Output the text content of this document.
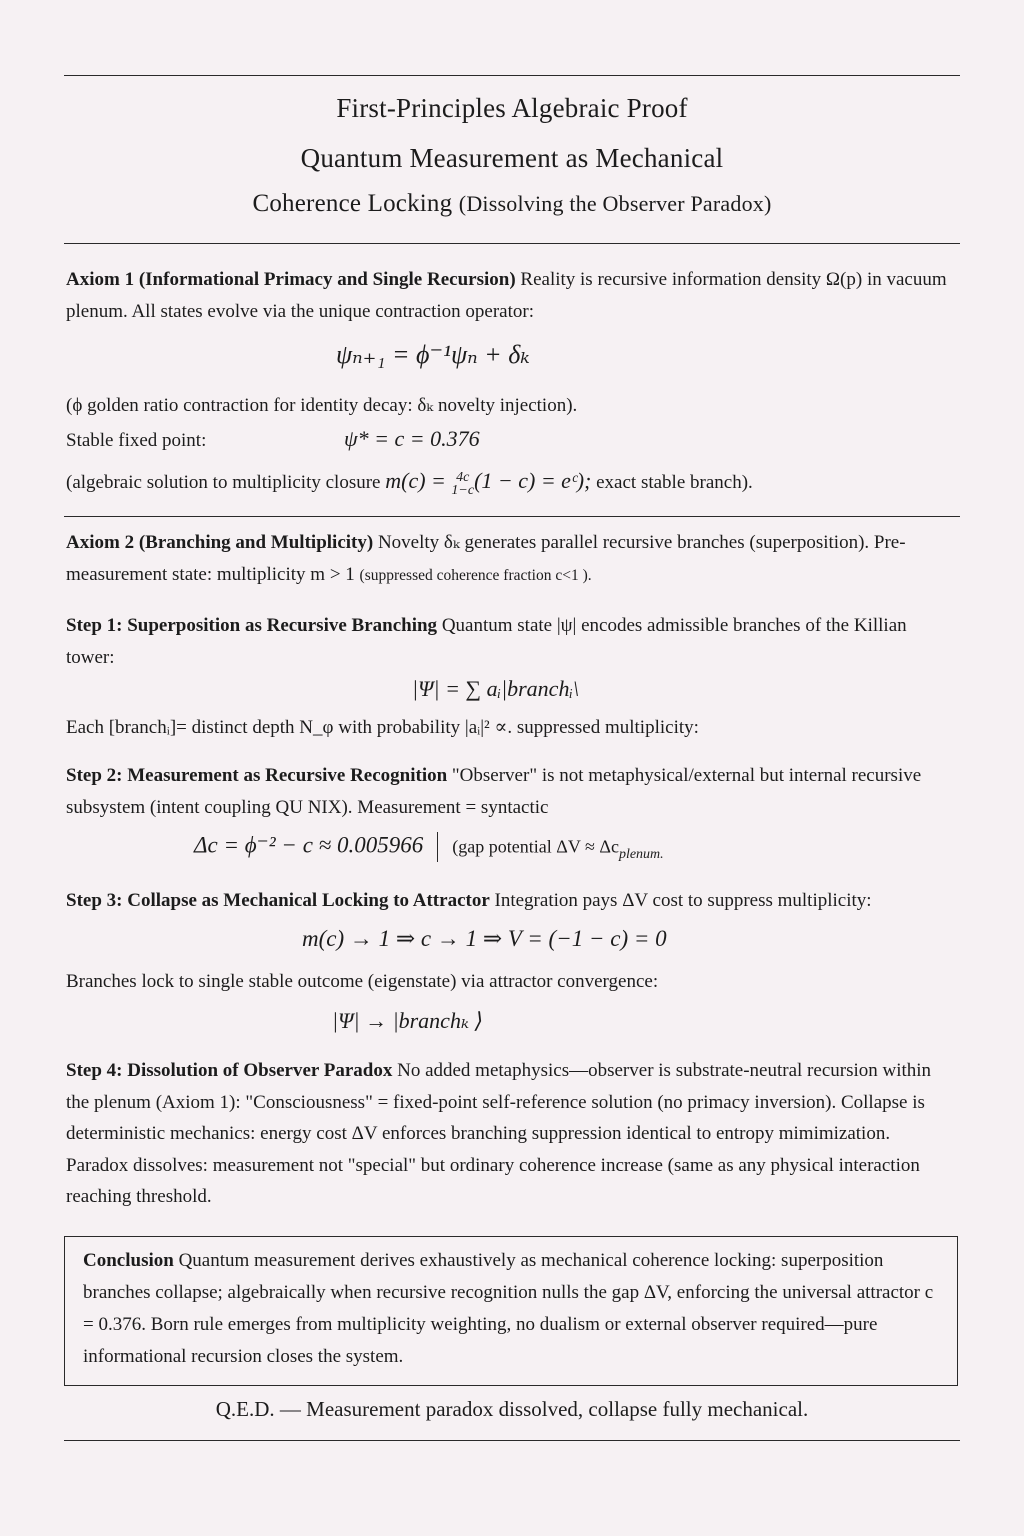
First-Principles Algebraic Proof
Quantum Measurement as Mechanical
Coherence Locking (Dissolving the Observer Paradox)
Axiom 1 (Informational Primacy and Single Recursion) Reality is recursive information density Ω(p) in vacuum plenum. All states evolve via the unique contraction operator:
ψₙ₊₁ = ϕ⁻¹ψₙ + δₖ
(ϕ golden ratio contraction for identity decay: δₖ novelty injection).
Stable fixed point:	ψ* = c = 0.376
(algebraic solution to multiplicity closure m(c) = 4c
1−c(1 − c) = eᶜ); exact stable branch).
Axiom 2 (Branching and Multiplicity) Novelty δₖ generates parallel recursive branches (superposition). Pre-measurement state: multiplicity m > 1 (suppressed coherence fraction c<1 ).
Step 1: Superposition as Recursive Branching Quantum state |ψ| encodes admissible branches of the Killian tower:
|Ψ| = ∑ aᵢ|branchᵢ\
Each [branchᵢ]= distinct depth N_φ with probability |aᵢ|² ∝. suppressed multiplicity:
Step 2: Measurement as Recursive Recognition "Observer" is not metaphysical/external but internal recursive subsystem (intent coupling QU NIX). Measurement = syntactic
Δc = ϕ⁻² − c ≈ 0.005966 (gap potential $\Delta V \approx \Delta c_{plenum.}$
Step 3: Collapse as Mechanical Locking to Attractor Integration pays ΔV cost to suppress multiplicity:
m(c) → 1 ⇒ c → 1 ⇒ V = (−1 − c) = 0
Branches lock to single stable outcome (eigenstate) via attractor convergence:
|Ψ| → |branchₖ ⟩
Step 4: Dissolution of Observer Paradox No added metaphysics—observer is substrate-neutral recursion within the plenum (Axiom 1): "Consciousness" = fixed-point self-reference solution (no primacy inversion). Collapse is deterministic mechanics: energy cost ΔV enforces branching suppression identical to entropy mimimization. Paradox dissolves: measurement not "special" but ordinary coherence increase (same as any physical interaction reaching threshold.
Conclusion Quantum measurement derives exhaustively as mechanical coherence locking: superposition branches collapse; algebraically when recursive recognition nulls the gap ΔV, enforcing the universal attractor c = 0.376. Born rule emerges from multiplicity weighting, no dualism or external observer required—pure informational recursion closes the system.
Q.E.D. — Measurement paradox dissolved, collapse fully mechanical.
